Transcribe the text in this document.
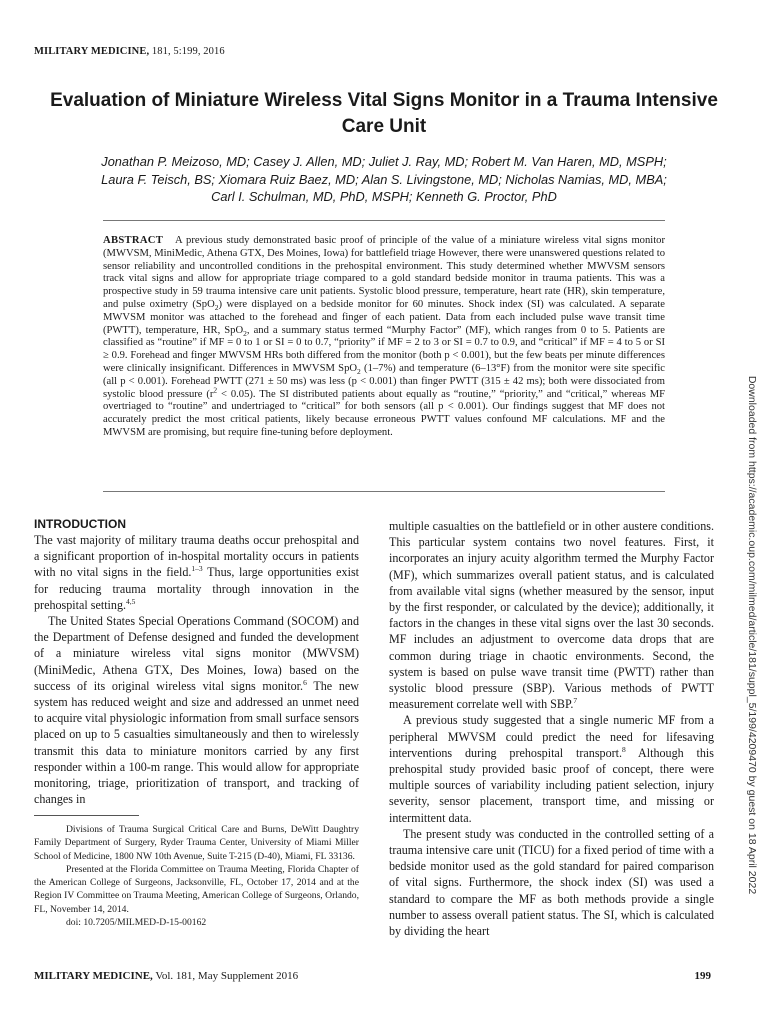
MILITARY MEDICINE, 181, 5:199, 2016
Evaluation of Miniature Wireless Vital Signs Monitor in a Trauma Intensive Care Unit
Jonathan P. Meizoso, MD; Casey J. Allen, MD; Juliet J. Ray, MD; Robert M. Van Haren, MD, MSPH;
Laura F. Teisch, BS; Xiomara Ruiz Baez, MD; Alan S. Livingstone, MD; Nicholas Namias, MD, MBA;
Carl I. Schulman, MD, PhD, MSPH; Kenneth G. Proctor, PhD
ABSTRACT A previous study demonstrated basic proof of principle of the value of a miniature wireless vital signs monitor (MWVSM, MiniMedic, Athena GTX, Des Moines, Iowa) for battlefield triage However, there were unanswered questions related to sensor reliability and uncontrolled conditions in the prehospital environment. This study determined whether MWVSM sensors track vital signs and allow for appropriate triage compared to a gold standard bedside monitor in trauma patients. This was a prospective study in 59 trauma intensive care unit patients. Systolic blood pressure, temperature, heart rate (HR), skin temperature, and pulse oximetry (SpO$_2$) were displayed on a bedside monitor for 60 minutes. Shock index (SI) was calculated. A separate MWVSM monitor was attached to the forehead and finger of each patient. Data from each included pulse wave transit time (PWTT), temperature, HR, SpO$_2$, and a summary status termed “Murphy Factor” (MF), which ranges from 0 to 5. Patients are classified as “routine” if MF = 0 to 1 or SI = 0 to 0.7, “priority” if MF = 2 to 3 or SI = 0.7 to 0.9, and “critical” if MF = 4 to 5 or SI ≥ 0.9. Forehead and finger MWVSM HRs both differed from the monitor (both p < 0.001), but the few beats per minute differences were clinically insignificant. Differences in MWVSM SpO$_2$ (1–7%) and temperature (6–13°F) from the monitor were site specific (all p < 0.001). Forehead PWTT (271 ± 50 ms) was less (p < 0.001) than finger PWTT (315 ± 42 ms); both were dissociated from systolic blood pressure $(r^2 < 0.05)$. The SI distributed patients about equally as “routine,” “priority,” and “critical,” whereas MF overtriaged to “routine” and undertriaged to “critical” for both sensors (all p < 0.001). Our findings suggest that MF does not accurately predict the most critical patients, likely because erroneous PWTT values confound MF calculations. MF and the MWVSM are promising, but require fine-tuning before deployment.	Downloaded from https://academic.oup.com/milmed/article/181/suppl_5/199/4209470 by guest on 18 April 2022
INTRODUCTION

The vast majority of military trauma deaths occur prehospital and a significant proportion of in-hospital mortality occurs in patients with no vital signs in the field.$^{1-3}$ Thus, large opportunities exist for reducing trauma mortality through innovation in the prehospital setting.$^{4,5}$

The United States Special Operations Command (SOCOM) and the Department of Defense designed and funded the development of a miniature wireless vital signs monitor (MWVSM) (MiniMedic, Athena GTX, Des Moines, Iowa) based on the success of its original wireless vital signs monitor.$^6$ The new system has reduced weight and size and addressed an unmet need to acquire vital physiologic information from small surface sensors placed on up to 5 casualties simultaneously and then to wirelessly transmit this data to miniature monitors carried by any first responder within a 100-m range. This would allow for appropriate monitoring, triage, prioritization of transport, and tracking of changes in

Divisions of Trauma Surgical Critical Care and Burns, DeWitt Daughtry Family Department of Surgery, Ryder Trauma Center, University of Miami Miller School of Medicine, 1800 NW 10th Avenue, Suite T-215 (D-40), Miami, FL 33136.

Presented at the Florida Committee on Trauma Meeting, Florida Chapter of the American College of Surgeons, Jacksonville, FL, October 17, 2014 and at the Region IV Committee on Trauma Meeting, American College of Surgeons, Orlando, FL, November 14, 2014.

doi: 10.7205/MILMED-D-15-00162

multiple casualties on the battlefield or in other austere conditions. This particular system contains two novel features. First, it incorporates an injury acuity algorithm termed the Murphy Factor (MF), which summarizes overall patient status, and is calculated from available vital signs (whether measured by the sensor, input by the first responder, or calculated by the device); additionally, it factors in the changes in these vital signs over the last 30 seconds. MF includes an adjustment to overcome data drops that are common during triage in chaotic environments. Second, the system is based on pulse wave transit time (PWTT) rather than systolic blood pressure (SBP). Various methods of PWTT measurement correlate well with SBP.$^7$

A previous study suggested that a single numeric MF from a peripheral MWVSM could predict the need for lifesaving interventions during prehospital transport.$^8$ Although this prehospital study provided basic proof of concept, there were multiple sources of variability including patient selection, injury severity, sensor placement, transport time, and missing or intermittent data.

The present study was conducted in the controlled setting of a trauma intensive care unit (TICU) for a fixed period of time with a bedside monitor used as the gold standard for paired comparison of vital signs. Furthermore, the shock index (SI) was used a standard to compare the MF as both methods provide a single number to assess overall patient status. The SI, which is calculated by dividing the heart

MILITARY MEDICINE, Vol. 181, May Supplement 2016	199
